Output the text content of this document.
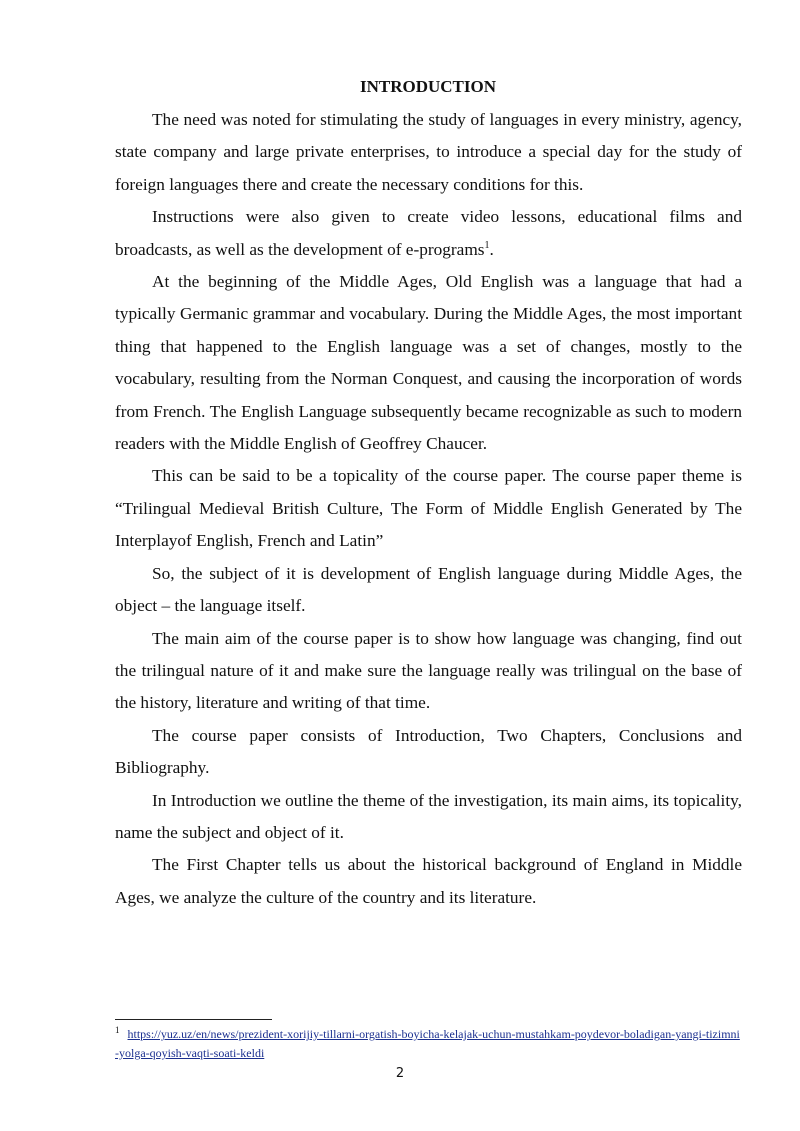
INTRODUCTION

The need was noted for stimulating the study of languages in every ministry, agency, state company and large private enterprises, to introduce a special day for the study of foreign languages there and create the necessary conditions for this.

Instructions were also given to create video lessons, educational films and broadcasts, as well as the development of e-programs$^1$.

At the beginning of the Middle Ages, Old English was a language that had a typically Germanic grammar and vocabulary. During the Middle Ages, the most important thing that happened to the English language was a set of changes, mostly to the vocabulary, resulting from the Norman Conquest, and causing the incorporation of words from French. The English Language subsequently became recognizable as such to modern readers with the Middle English of Geoffrey Chaucer.

This can be said to be a topicality of the course paper. The course paper theme is “Trilingual Medieval British Culture, The Form of Middle English Generated by The Interplayof English, French and Latin”

So, the subject of it is development of English language during Middle Ages, the object – the language itself.

The main aim of the course paper is to show how language was changing, find out the trilingual nature of it and make sure the language really was trilingual on the base of the history, literature and writing of that time.

The course paper consists of Introduction, Two Chapters, Conclusions and Bibliography.

In Introduction we outline the theme of the investigation, its main aims, its topicality, name the subject and object of it.

The First Chapter tells us about the historical background of England in Middle Ages, we analyze the culture of the country and its literature.

$^1$ https://yuz.uz/en/news/prezident-xorijiy-tillarni-orgatish-boyicha-kelajak-uchun-mustahkam-poydevor-boladigan-yangi-tizimni-yolga-qoyish-vaqti-soati-keldi
2
